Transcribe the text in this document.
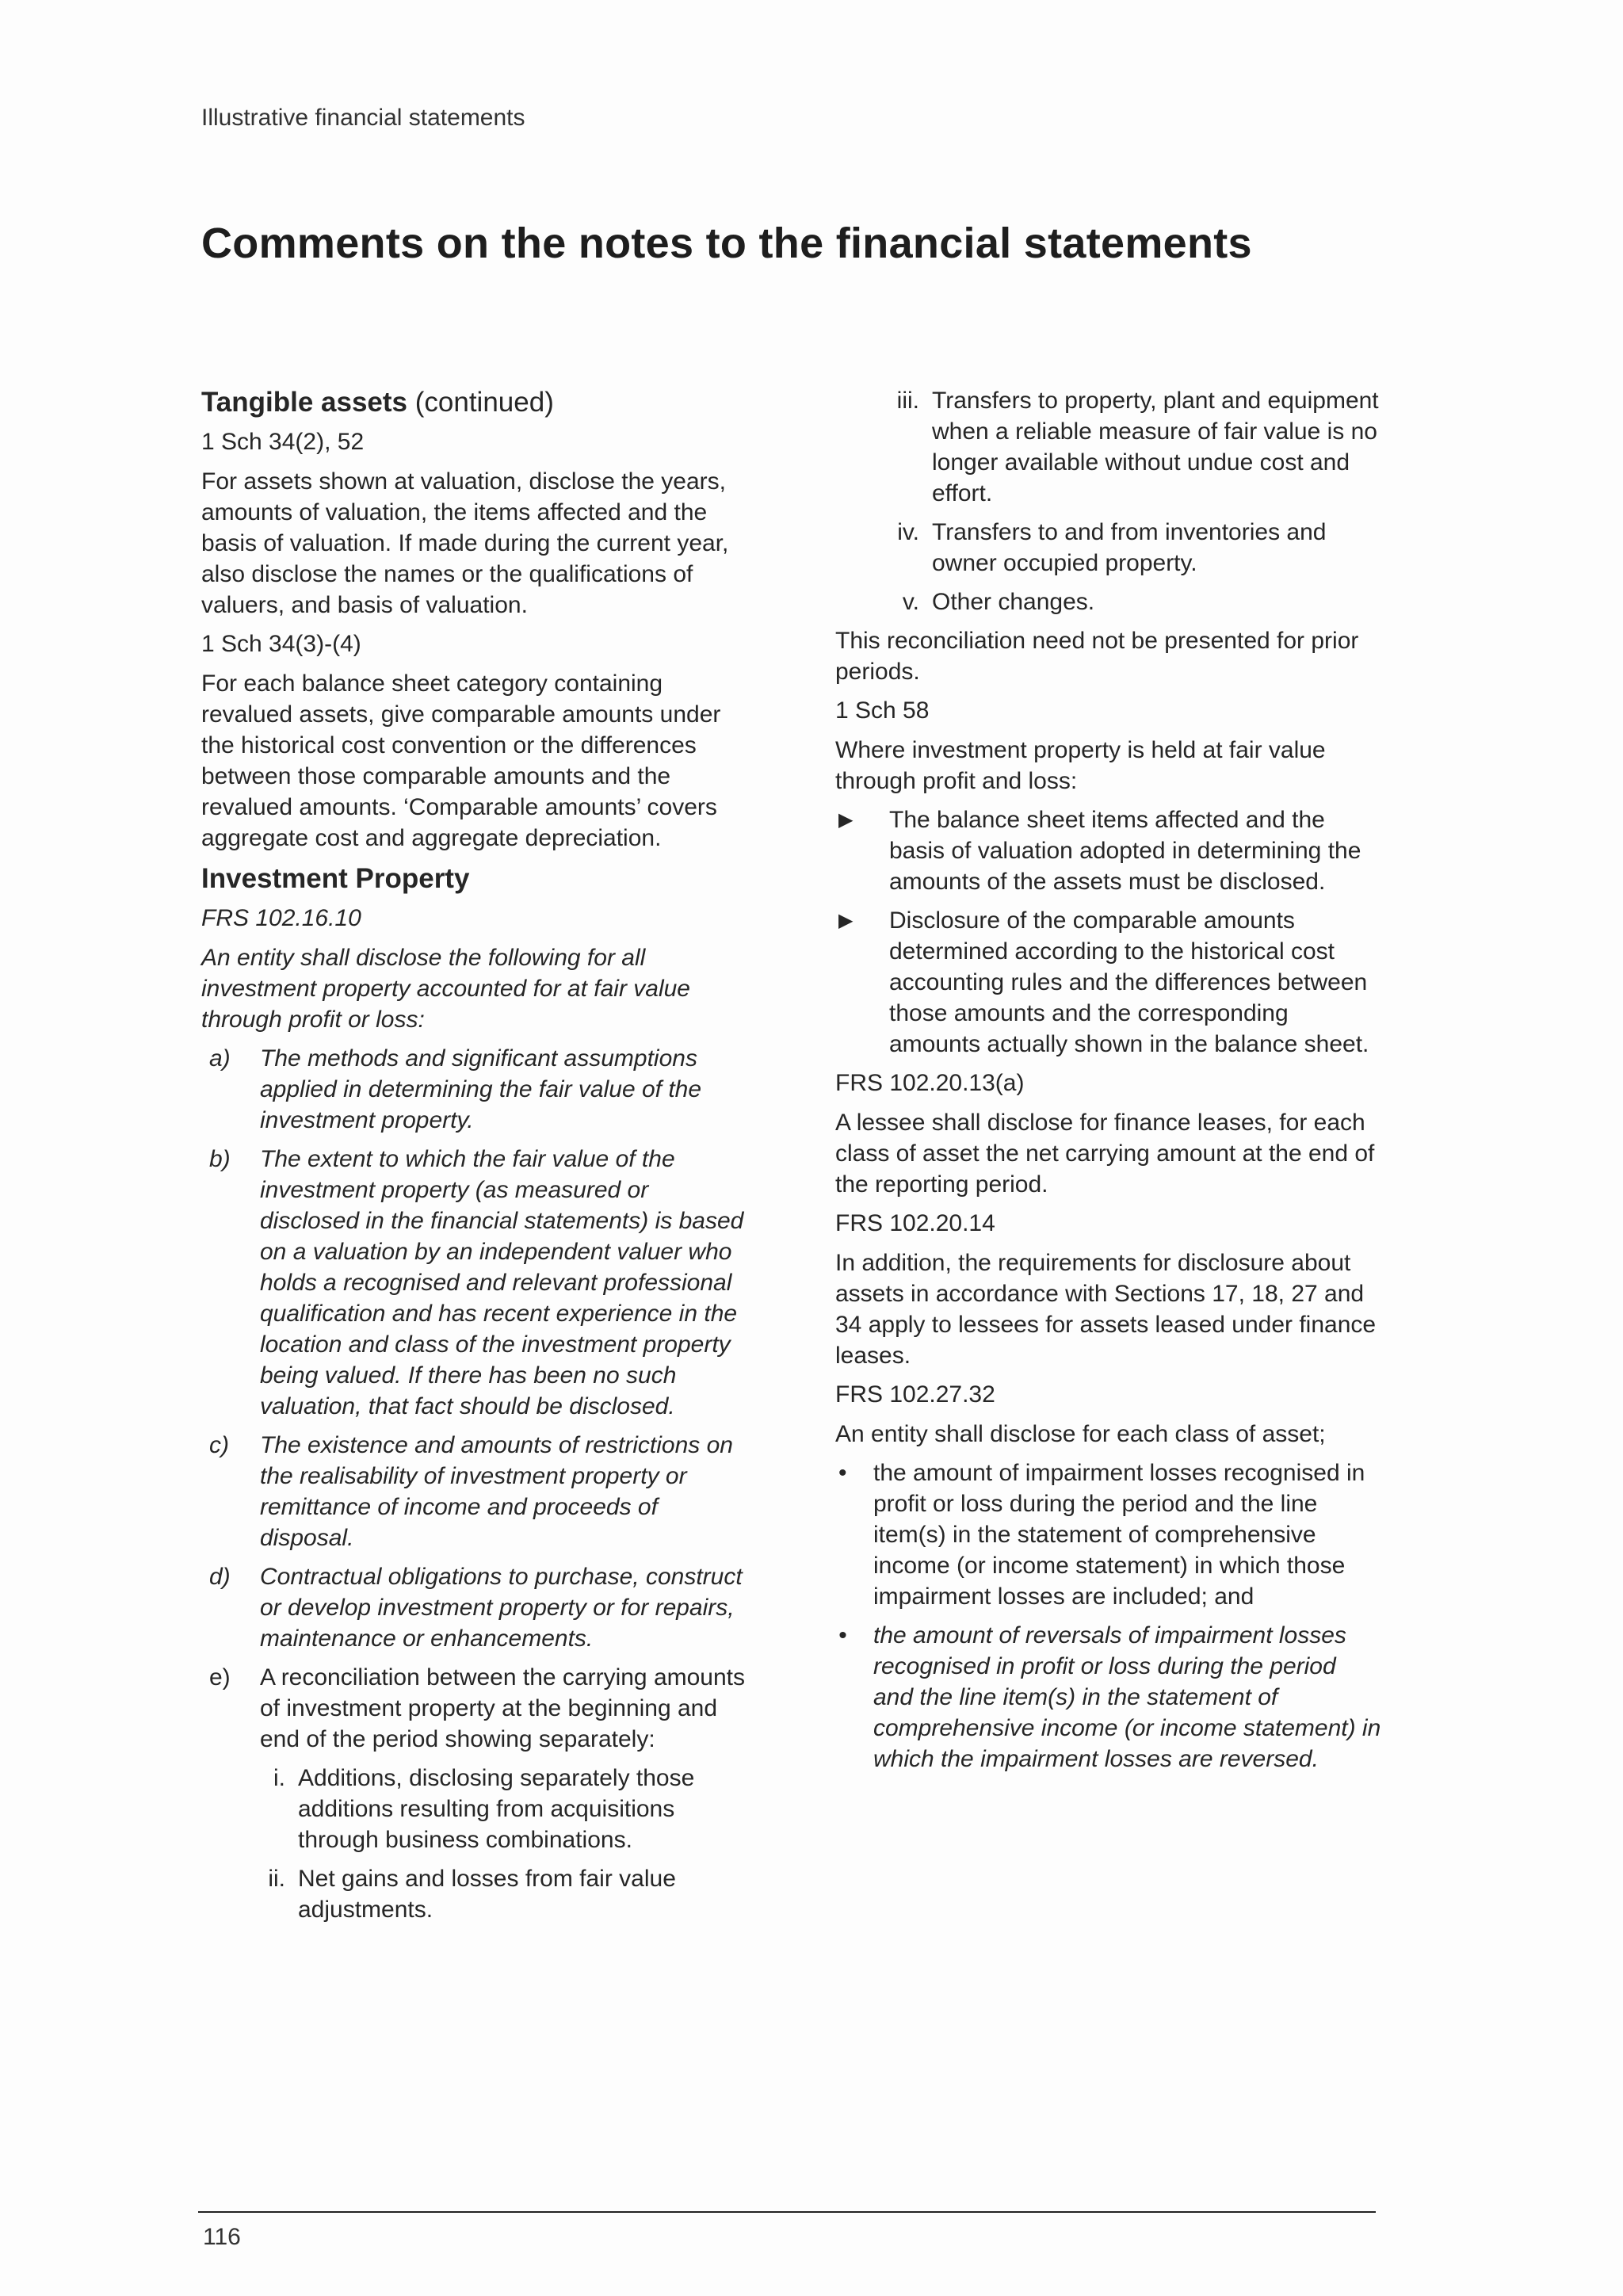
Illustrative financial statements
Comments on the notes to the financial statements
Tangible assets (continued)

1 Sch 34(2), 52

For assets shown at valuation, disclose the years, amounts of valuation, the items affected and the basis of valuation. If made during the current year, also disclose the names or the qualifications of valuers, and basis of valuation.

1 Sch 34(3)-(4)

For each balance sheet category containing revalued assets, give comparable amounts under the historical cost convention or the differences between those comparable amounts and the revalued amounts. ‘Comparable amounts’ covers aggregate cost and aggregate depreciation.

Investment Property

FRS 102.16.10

An entity shall disclose the following for all investment property accounted for at fair value through profit or loss:

a)	The methods and significant assumptions applied in determining the fair value of the investment property.
b)	The extent to which the fair value of the investment property (as measured or disclosed in the financial statements) is based on a valuation by an independent valuer who holds a recognised and relevant professional qualification and has recent experience in the location and class of the investment property being valued. If there has been no such valuation, that fact should be disclosed.
c)	The existence and amounts of restrictions on the realisability of investment property or remittance of income and proceeds of disposal.
d)	Contractual obligations to purchase, construct or develop investment property or for repairs, maintenance or enhancements.
e)	A reconciliation between the carrying amounts of investment property at the beginning and end of the period showing separately:
i. Additions, disclosing separately those additions resulting from acquisitions through business combinations.
ii. Net gains and losses from fair value adjustments.
iii. Transfers to property, plant and equipment when a reliable measure of fair value is no longer available without undue cost and effort.
iv. Transfers to and from inventories and owner occupied property.
v. Other changes.

This reconciliation need not be presented for prior periods.

1 Sch 58

Where investment property is held at fair value through profit and loss:

▶	The balance sheet items affected and the basis of valuation adopted in determining the amounts of the assets must be disclosed.
▶	Disclosure of the comparable amounts determined according to the historical cost accounting rules and the differences between those amounts and the corresponding amounts actually shown in the balance sheet.

FRS 102.20.13(a)

A lessee shall disclose for finance leases, for each class of asset the net carrying amount at the end of the reporting period.

FRS 102.20.14

In addition, the requirements for disclosure about assets in accordance with Sections 17, 18, 27 and 34 apply to lessees for assets leased under finance leases.

FRS 102.27.32

An entity shall disclose for each class of asset;

•	the amount of impairment losses recognised in profit or loss during the period and the line item(s) in the statement of comprehensive income (or income statement) in which those impairment losses are included; and
•	the amount of reversals of impairment losses recognised in profit or loss during the period and the line item(s) in the statement of comprehensive income (or income statement) in which the impairment losses are reversed.
116
